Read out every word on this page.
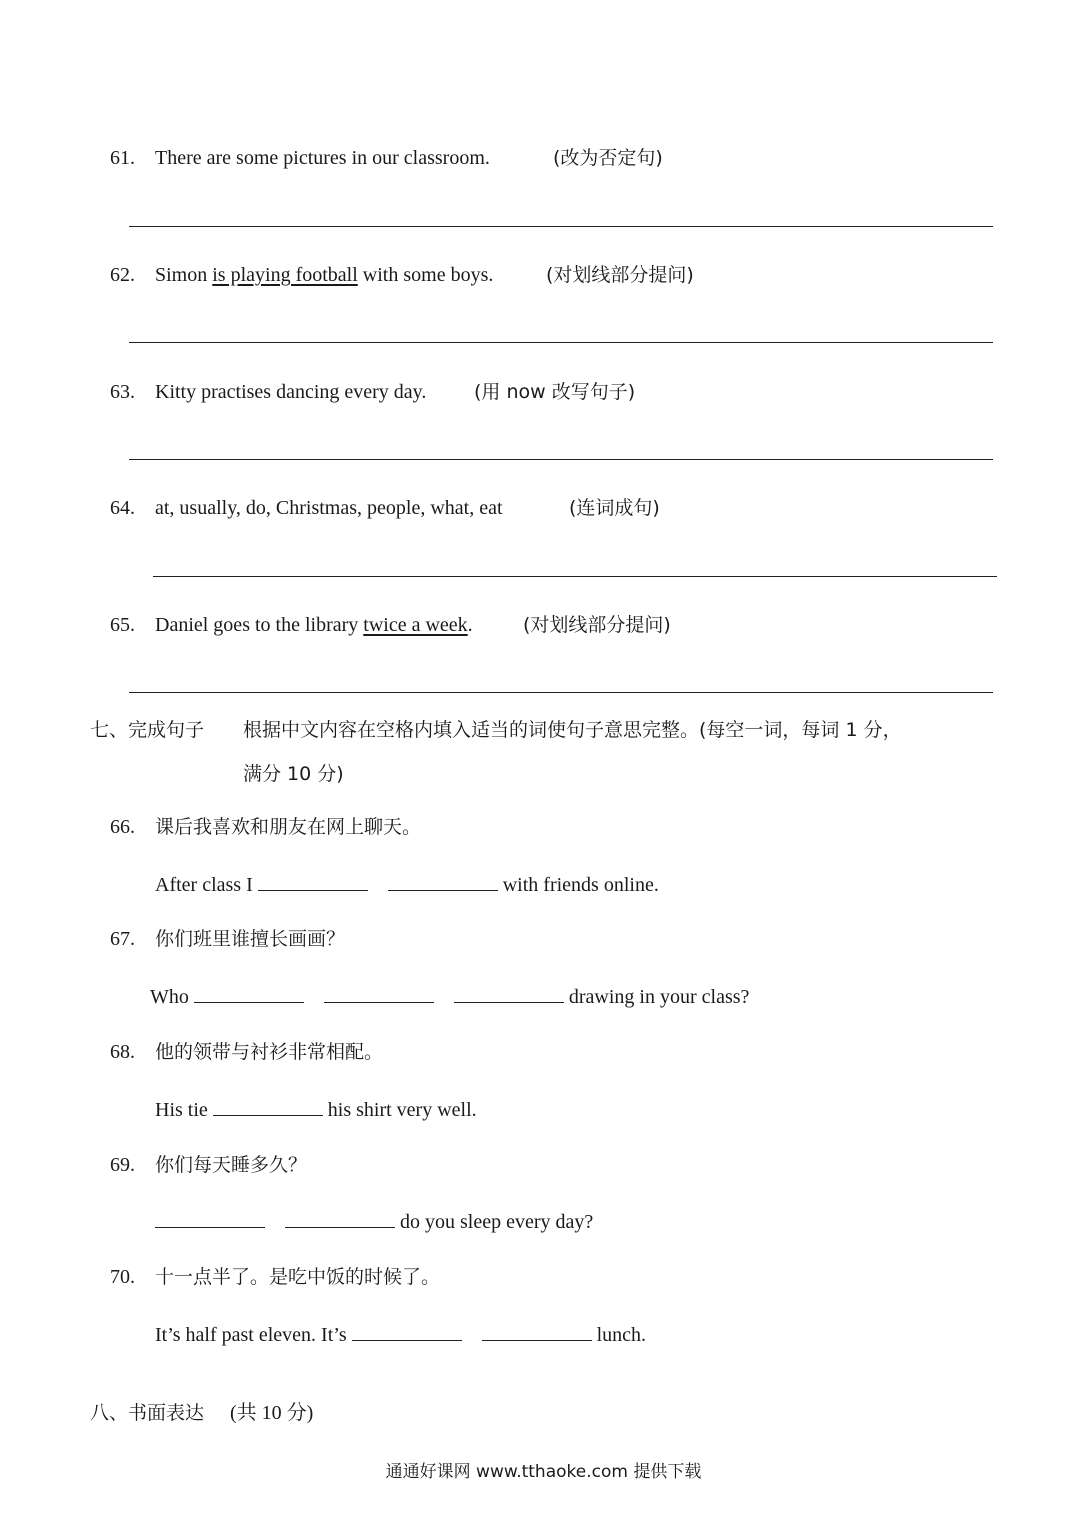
61. There are some pictures in our classroom.	(改为否定句)
62. Simon is playing football with some boys.	(对划线部分提问)
63. Kitty practises dancing every day.	(用 now 改写句子)
64. at, usually, do, Christmas, people, what, eat	(连词成句)
65. Daniel goes to the library twice a week.	(对划线部分提问)
七、完成句子 根据中文内容在空格内填入适当的词使句子意思完整。(每空一词，每词 1 分，
满分 10 分)
66. 课后我喜欢和朋友在网上聊天。
After class I	with friends online.
67. 你们班里谁擅长画画？
Who	drawing in your class?
68. 他的领带与衬衫非常相配。
His tie	his shirt very well.
69. 你们每天睡多久？
do you sleep every day?
70. 十一点半了。是吃中饭的时候了。
It’s half past eleven. It’s	lunch.
八、书面表达 (共 10 分)
通通好课网 www.tthaoke.com 提供下载
